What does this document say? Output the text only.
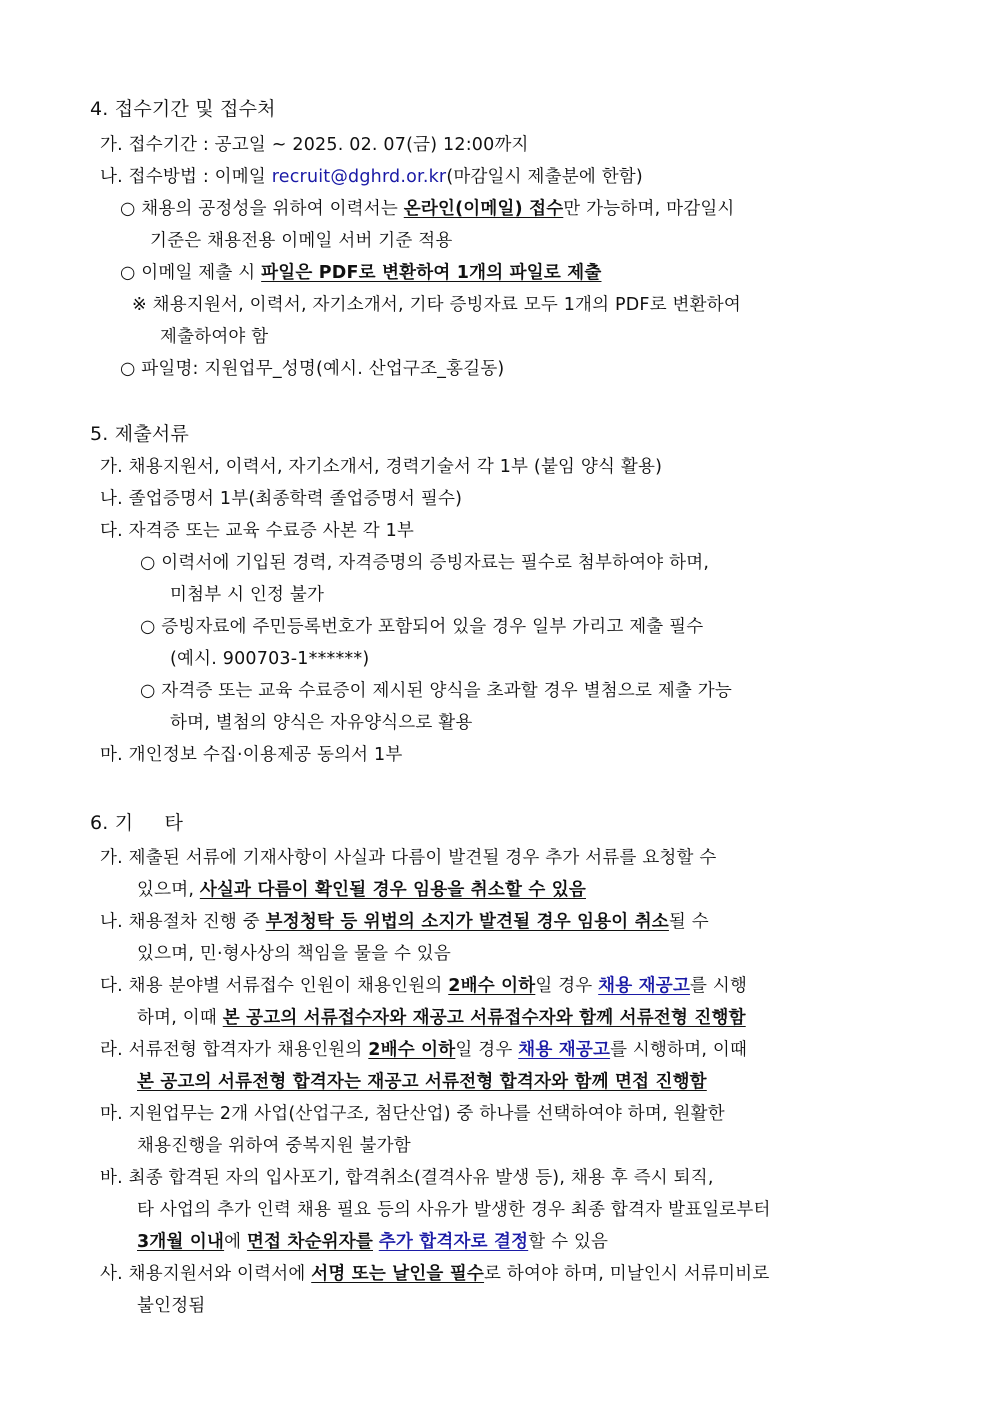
4. 접수기간 및 접수처
가. 접수기간 : 공고일 ~ 2025. 02. 07(금) 12:00까지
나. 접수방법 : 이메일 recruit@dghrd.or.kr(마감일시 제출분에 한함)
○ 채용의 공정성을 위하여 이력서는 온라인(이메일) 접수만 가능하며, 마감일시
기준은 채용전용 이메일 서버 기준 적용
○ 이메일 제출 시 파일은 PDF로 변환하여 1개의 파일로 제출
※ 채용지원서, 이력서, 자기소개서, 기타 증빙자료 모두 1개의 PDF로 변환하여
제출하여야 함
○ 파일명: 지원업무_성명(예시. 산업구조_홍길동)
5. 제출서류
가. 채용지원서, 이력서, 자기소개서, 경력기술서 각 1부 (붙임 양식 활용)
나. 졸업증명서 1부(최종학력 졸업증명서 필수)
다. 자격증 또는 교육 수료증 사본 각 1부
○ 이력서에 기입된 경력, 자격증명의 증빙자료는 필수로 첨부하여야 하며,
미첨부 시 인정 불가
○ 증빙자료에 주민등록번호가 포함되어 있을 경우 일부 가리고 제출 필수
(예시. 900703-1******)
○ 자격증 또는 교육 수료증이 제시된 양식을 초과할 경우 별첨으로 제출 가능
하며, 별첨의 양식은 자유양식으로 활용
마. 개인정보 수집·이용제공 동의서 1부
6. 기     타
가. 제출된 서류에 기재사항이 사실과 다름이 발견될 경우 추가 서류를 요청할 수
있으며, 사실과 다름이 확인될 경우 임용을 취소할 수 있음
나. 채용절차 진행 중 부정청탁 등 위법의 소지가 발견될 경우 임용이 취소될 수
있으며, 민·형사상의 책임을 물을 수 있음
다. 채용 분야별 서류접수 인원이 채용인원의 2배수 이하일 경우 채용 재공고를 시행
하며, 이때 본 공고의 서류접수자와 재공고 서류접수자와 함께 서류전형 진행함
라. 서류전형 합격자가 채용인원의 2배수 이하일 경우 채용 재공고를 시행하며, 이때
본 공고의 서류전형 합격자는 재공고 서류전형 합격자와 함께 면접 진행함
마. 지원업무는 2개 사업(산업구조, 첨단산업) 중 하나를 선택하여야 하며, 원활한
채용진행을 위하여 중복지원 불가함
바. 최종 합격된 자의 입사포기, 합격취소(결격사유 발생 등), 채용 후 즉시 퇴직,
타 사업의 추가 인력 채용 필요 등의 사유가 발생한 경우 최종 합격자 발표일로부터
3개월 이내에 면접 차순위자를 추가 합격자로 결정할 수 있음
사. 채용지원서와 이력서에 서명 또는 날인을 필수로 하여야 하며, 미날인시 서류미비로
불인정됨
